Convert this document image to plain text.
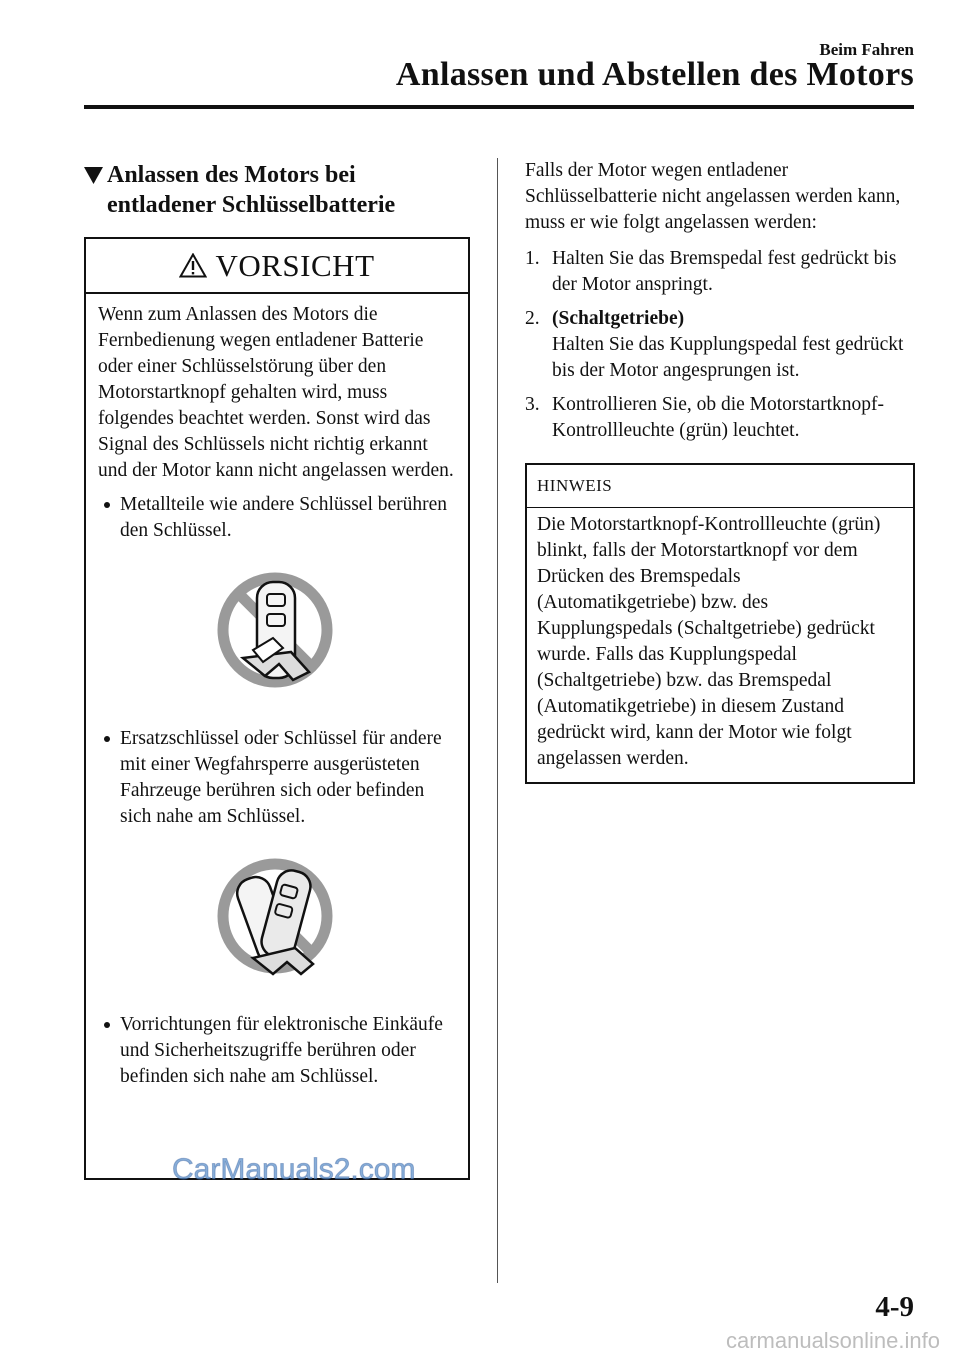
Beim Fahren
Anlassen und Abstellen des Motors
Anlassen des Motors bei
entladener Schlüsselbatterie
VORSICHT
Wenn zum Anlassen des Motors die Fernbedienung wegen entladener Batterie oder einer Schlüsselstörung über den Motorstartknopf gehalten wird, muss folgendes beachtet werden. Sonst wird das Signal des Schlüssels nicht richtig erkannt und der Motor kann nicht angelassen werden.
Metallteile wie andere Schlüssel berühren den Schlüssel.
Ersatzschlüssel oder Schlüssel für andere mit einer Wegfahrsperre ausgerüsteten Fahrzeuge berühren sich oder befinden sich nahe am Schlüssel.
Vorrichtungen für elektronische Einkäufe und Sicherheitszugriffe berühren oder befinden sich nahe am Schlüssel.
Falls der Motor wegen entladener Schlüsselbatterie nicht angelassen werden kann, muss er wie folgt angelassen werden:
1. Halten Sie das Bremspedal fest gedrückt bis der Motor anspringt.
2. (Schaltgetriebe)
Halten Sie das Kupplungspedal fest gedrückt bis der Motor angesprungen ist.
3. Kontrollieren Sie, ob die Motorstartknopf-Kontrollleuchte (grün) leuchtet.
HINWEIS
Die Motorstartknopf-Kontrollleuchte (grün) blinkt, falls der Motorstartknopf vor dem Drücken des Bremspedals (Automatikgetriebe) bzw. des Kupplungspedals (Schaltgetriebe) gedrückt wurde. Falls das Kupplungspedal (Schaltgetriebe) bzw. das Bremspedal (Automatikgetriebe) in diesem Zustand gedrückt wird, kann der Motor wie folgt angelassen werden.
CarManuals2.com
4-9
carmanualsonline.info
